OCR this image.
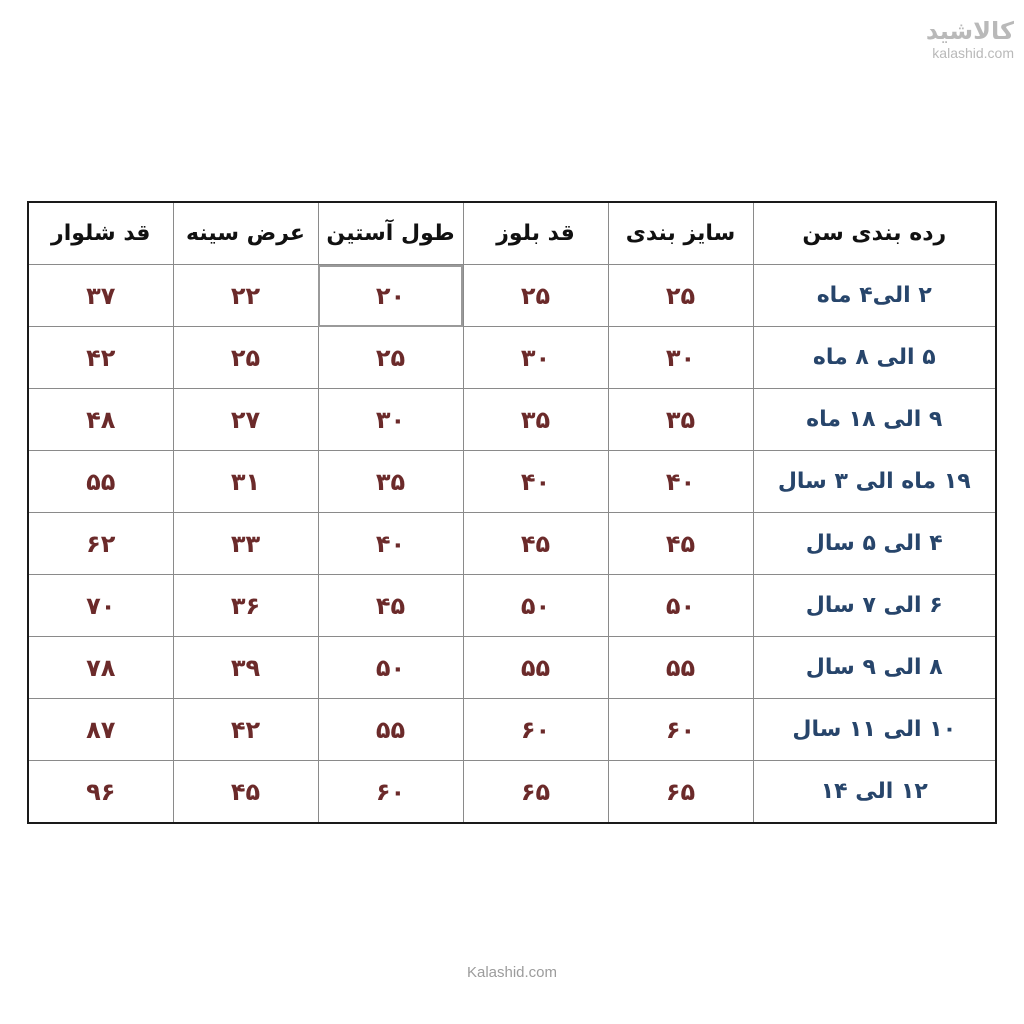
کالاشید
kalashid.com
رده بندی سن	سایز بندی	قد بلوز	طول آستین	عرض سینه	قد شلوار
۲ الی۴ ماه	۲۵	۲۵	۲۰	۲۲	۳۷
۵ الی ۸ ماه	۳۰	۳۰	۲۵	۲۵	۴۲
۹ الی ۱۸ ماه	۳۵	۳۵	۳۰	۲۷	۴۸
۱۹ ماه الی ۳ سال	۴۰	۴۰	۳۵	۳۱	۵۵
۴ الی ۵ سال	۴۵	۴۵	۴۰	۳۳	۶۲
۶ الی ۷ سال	۵۰	۵۰	۴۵	۳۶	۷۰
۸ الی ۹ سال	۵۵	۵۵	۵۰	۳۹	۷۸
۱۰ الی ۱۱ سال	۶۰	۶۰	۵۵	۴۲	۸۷
۱۲ الی ۱۴	۶۵	۶۵	۶۰	۴۵	۹۶
Kalashid.com
